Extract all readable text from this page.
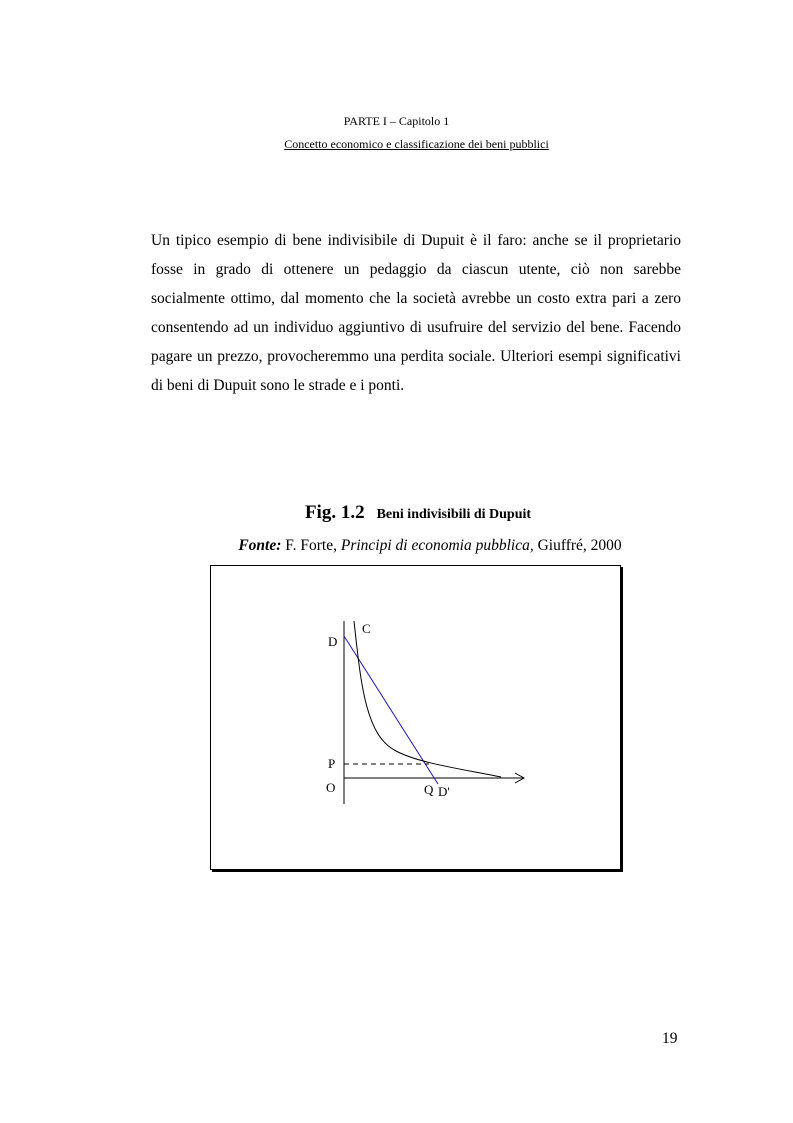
PARTE I – Capitolo 1
Concetto economico e classificazione dei beni pubblici

Un tipico esempio di bene indivisibile di Dupuit è il faro: anche se il proprietario fosse in grado di ottenere un pedaggio da ciascun utente, ciò non sarebbe socialmente ottimo, dal momento che la società avrebbe un costo extra pari a zero consentendo ad un individuo aggiuntivo di usufruire del servizio del bene. Facendo pagare un prezzo, provocheremmo una perdita sociale. Ulteriori esempi significativi di beni di Dupuit sono le strade e i ponti.

Fig. 1.2 Beni indivisibili di Dupuit
Fonte: F. Forte, Principi di economia pubblica, Giuffré, 2000
C
D
P
O	Q D'
19
